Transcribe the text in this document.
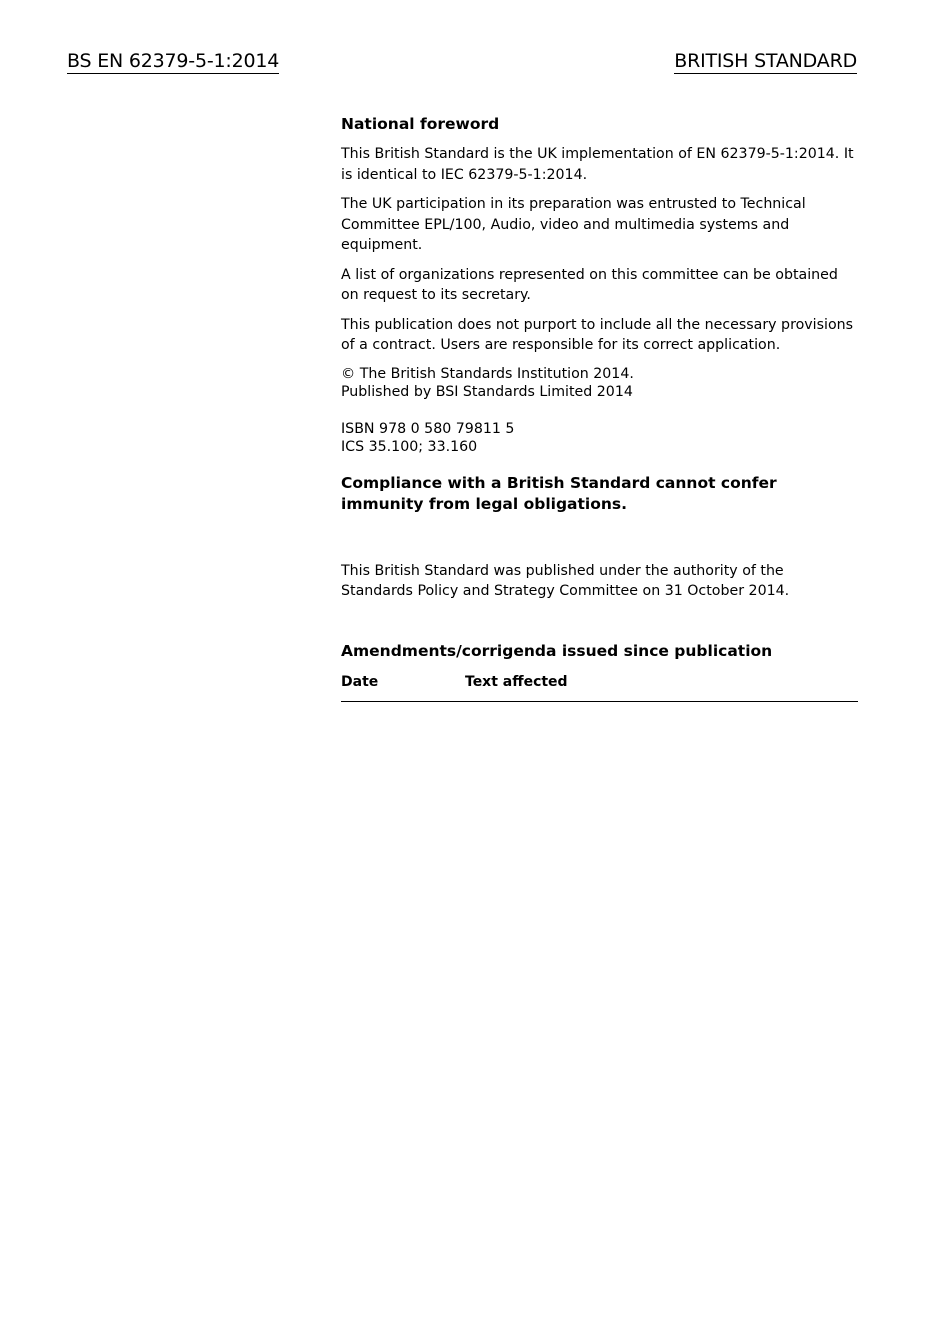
BS EN 62379-5-1:2014	BRITISH STANDARD
National foreword

This British Standard is the UK implementation of EN 62379-5-1:2014. It is identical to IEC 62379-5-1:2014.

The UK participation in its preparation was entrusted to Technical Committee EPL/100, Audio, video and multimedia systems and equipment.

A list of organizations represented on this committee can be obtained on request to its secretary.

This publication does not purport to include all the necessary provisions of a contract. Users are responsible for its correct application.

© The British Standards Institution 2014.
Published by BSI Standards Limited 2014
ISBN 978 0 580 79811 5
ICS 35.100; 33.160
Compliance with a British Standard cannot confer immunity from legal obligations.

This British Standard was published under the authority of the Standards Policy and Strategy Committee on 31 October 2014.

Amendments/corrigenda issued since publication
Date	Text affected
